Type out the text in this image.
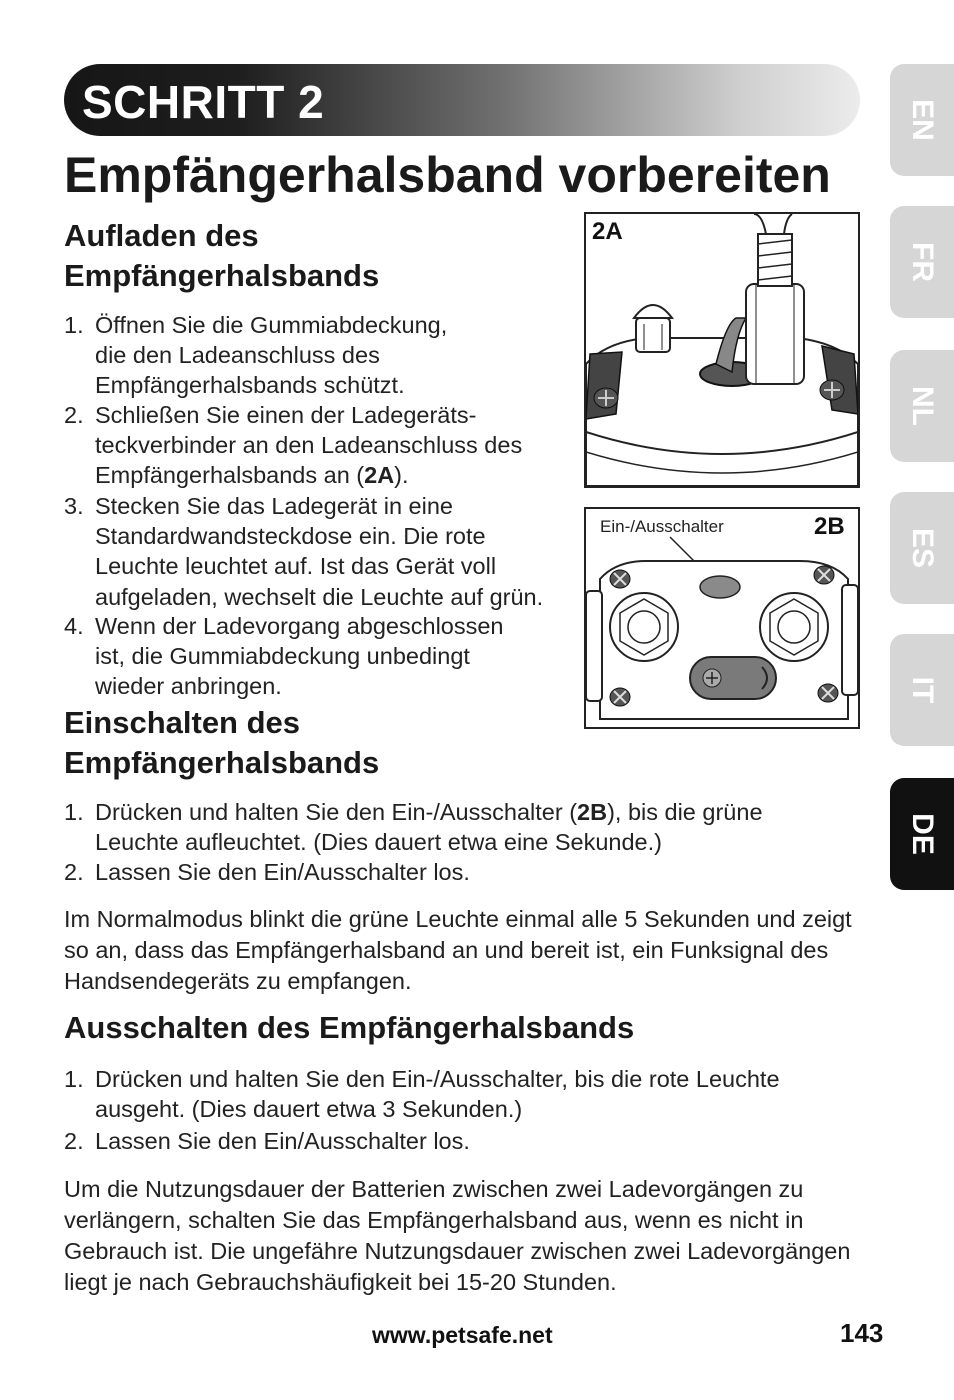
SCHRITT 2
Empfängerhalsband vorbereiten
Aufladen des
Empfängerhalsbands
1. Öffnen Sie die Gummiabdeckung,
die den Ladeanschluss des
Empfängerhalsbands schützt.
2. Schließen Sie einen der Ladegeräts-
teckverbinder an den Ladeanschluss des
Empfängerhalsbands an (2A).
3. Stecken Sie das Ladegerät in eine
Standardwandsteckdose ein. Die rote
Leuchte leuchtet auf. Ist das Gerät voll
aufgeladen, wechselt die Leuchte auf grün.
4. Wenn der Ladevorgang abgeschlossen
ist, die Gummiabdeckung unbedingt
wieder anbringen.
2A
Ein-/Ausschalter	2B
Einschalten des
Empfängerhalsbands
1. Drücken und halten Sie den Ein-/Ausschalter (2B), bis die grüne
Leuchte aufleuchtet. (Dies dauert etwa eine Sekunde.)
2. Lassen Sie den Ein/Ausschalter los.

Im Normalmodus blinkt die grüne Leuchte einmal alle 5 Sekunden und zeigt so an, dass das Empfängerhalsband an und bereit ist, ein Funksignal des Handsendegeräts zu empfangen.

Ausschalten des Empfängerhalsbands
1. Drücken und halten Sie den Ein-/Ausschalter, bis die rote Leuchte
ausgeht. (Dies dauert etwa 3 Sekunden.)
2. Lassen Sie den Ein/Ausschalter los.

Um die Nutzungsdauer der Batterien zwischen zwei Ladevorgängen zu verlängern, schalten Sie das Empfängerhalsband aus, wenn es nicht in Gebrauch ist. Die ungefähre Nutzungsdauer zwischen zwei Ladevorgängen liegt je nach Gebrauchshäufigkeit bei 15-20 Stunden.

EN
FR
NL
ES
IT
DE
www.petsafe.net	143
